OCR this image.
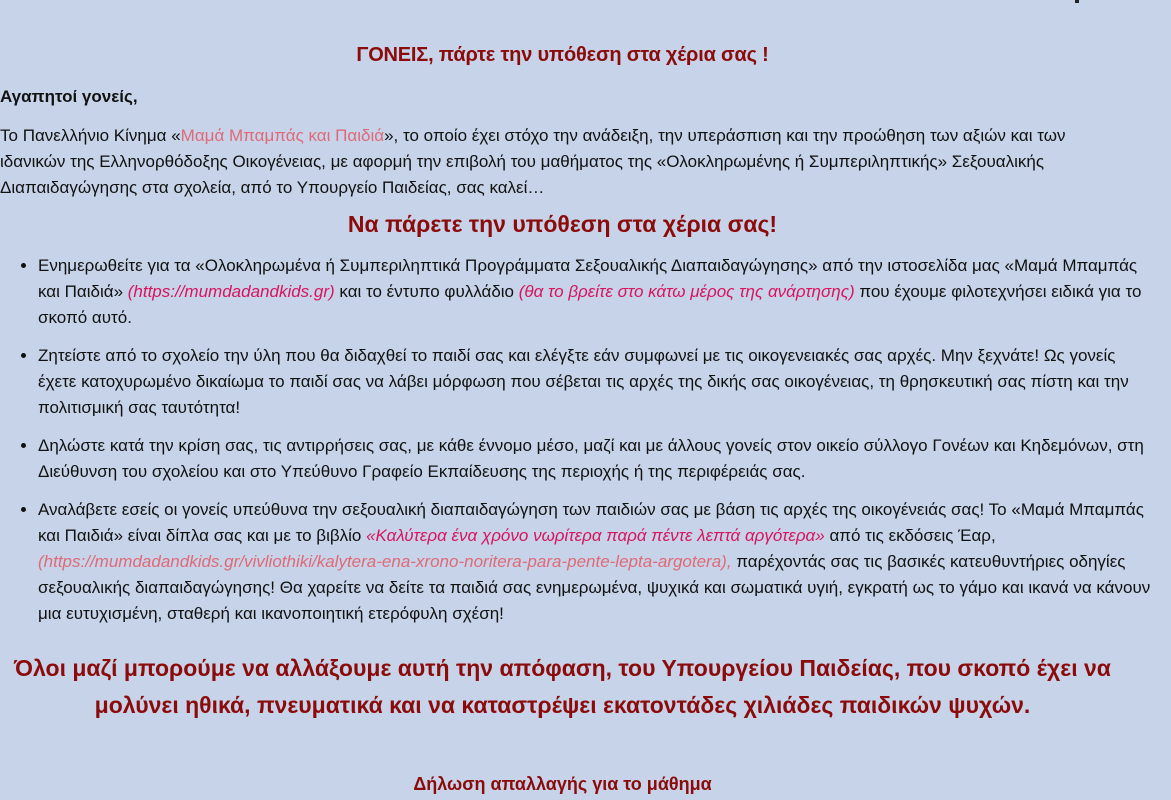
ΓΟΝΕΙΣ, πάρτε την υπόθεση στα χέρια σας !
Αγαπητοί γονείς,

Το Πανελλήνιο Κίνημα «Μαμά Μπαμπάς και Παιδιά», το οποίο έχει στόχο την ανάδειξη, την υπεράσπιση και την προώθηση των αξιών και των ιδανικών της Ελληνορθόδοξης Οικογένειας, με αφορμή την επιβολή του μαθήματος της «Ολοκληρωμένης ή Συμπεριληπτικής» Σεξουαλικής Διαπαιδαγώγησης στα σχολεία, από το Υπουργείο Παιδείας, σας καλεί…

Να πάρετε την υπόθεση στα χέρια σας!
• Ενημερωθείτε για τα «Ολοκληρωμένα ή Συμπεριληπτικά Προγράμματα Σεξουαλικής Διαπαιδαγώγησης» από την ιστοσελίδα μας «Μαμά Μπαμπάς και Παιδιά» (https://mumdadandkids.gr) και το έντυπο φυλλάδιο (θα το βρείτε στο κάτω μέρος της ανάρτησης) που έχουμε φιλοτεχνήσει ειδικά για το σκοπό αυτό.
• Ζητείστε από το σχολείο την ύλη που θα διδαχθεί το παιδί σας και ελέγξτε εάν συμφωνεί με τις οικογενειακές σας αρχές. Μην ξεχνάτε! Ως γονείς έχετε κατοχυρωμένο δικαίωμα το παιδί σας να λάβει μόρφωση που σέβεται τις αρχές της δικής σας οικογένειας, τη θρησκευτική σας πίστη και την πολιτισμική σας ταυτότητα!
• Δηλώστε κατά την κρίση σας, τις αντιρρήσεις σας, με κάθε έννομο μέσο, μαζί και με άλλους γονείς στον οικείο σύλλογο Γονέων και Κηδεμόνων, στη Διεύθυνση του σχολείου και στο Υπεύθυνο Γραφείο Εκπαίδευσης της περιοχής ή της περιφέρειάς σας.
• Αναλάβετε εσείς οι γονείς υπεύθυνα την σεξουαλική διαπαιδαγώγηση των παιδιών σας με βάση τις αρχές της οικογένειάς σας! Το «Μαμά Μπαμπάς και Παιδιά» είναι δίπλα σας και με το βιβλίο «Καλύτερα ένα χρόνο νωρίτερα παρά πέντε λεπτά αργότερα» από τις εκδόσεις Έαρ, (https://mumdadandkids.gr/vivliothiki/kalytera-ena-xrono-noritera-para-pente-lepta-argotera), παρέχοντάς σας τις βασικές κατευθυντήριες οδηγίες σεξουαλικής διαπαιδαγώγησης! Θα χαρείτε να δείτε τα παιδιά σας ενημερωμένα, ψυχικά και σωματικά υγιή, εγκρατή ως το γάμο και ικανά να κάνουν μια ευτυχισμένη, σταθερή και ικανοποιητική ετερόφυλη σχέση!
Όλοι μαζί μπορούμε να αλλάξουμε αυτή την απόφαση, του Υπουργείου Παιδείας, που σκοπό έχει να μολύνει ηθικά, πνευματικά και να καταστρέψει εκατοντάδες χιλιάδες παιδικών ψυχών.
Δήλωση απαλλαγής για το μάθημα
